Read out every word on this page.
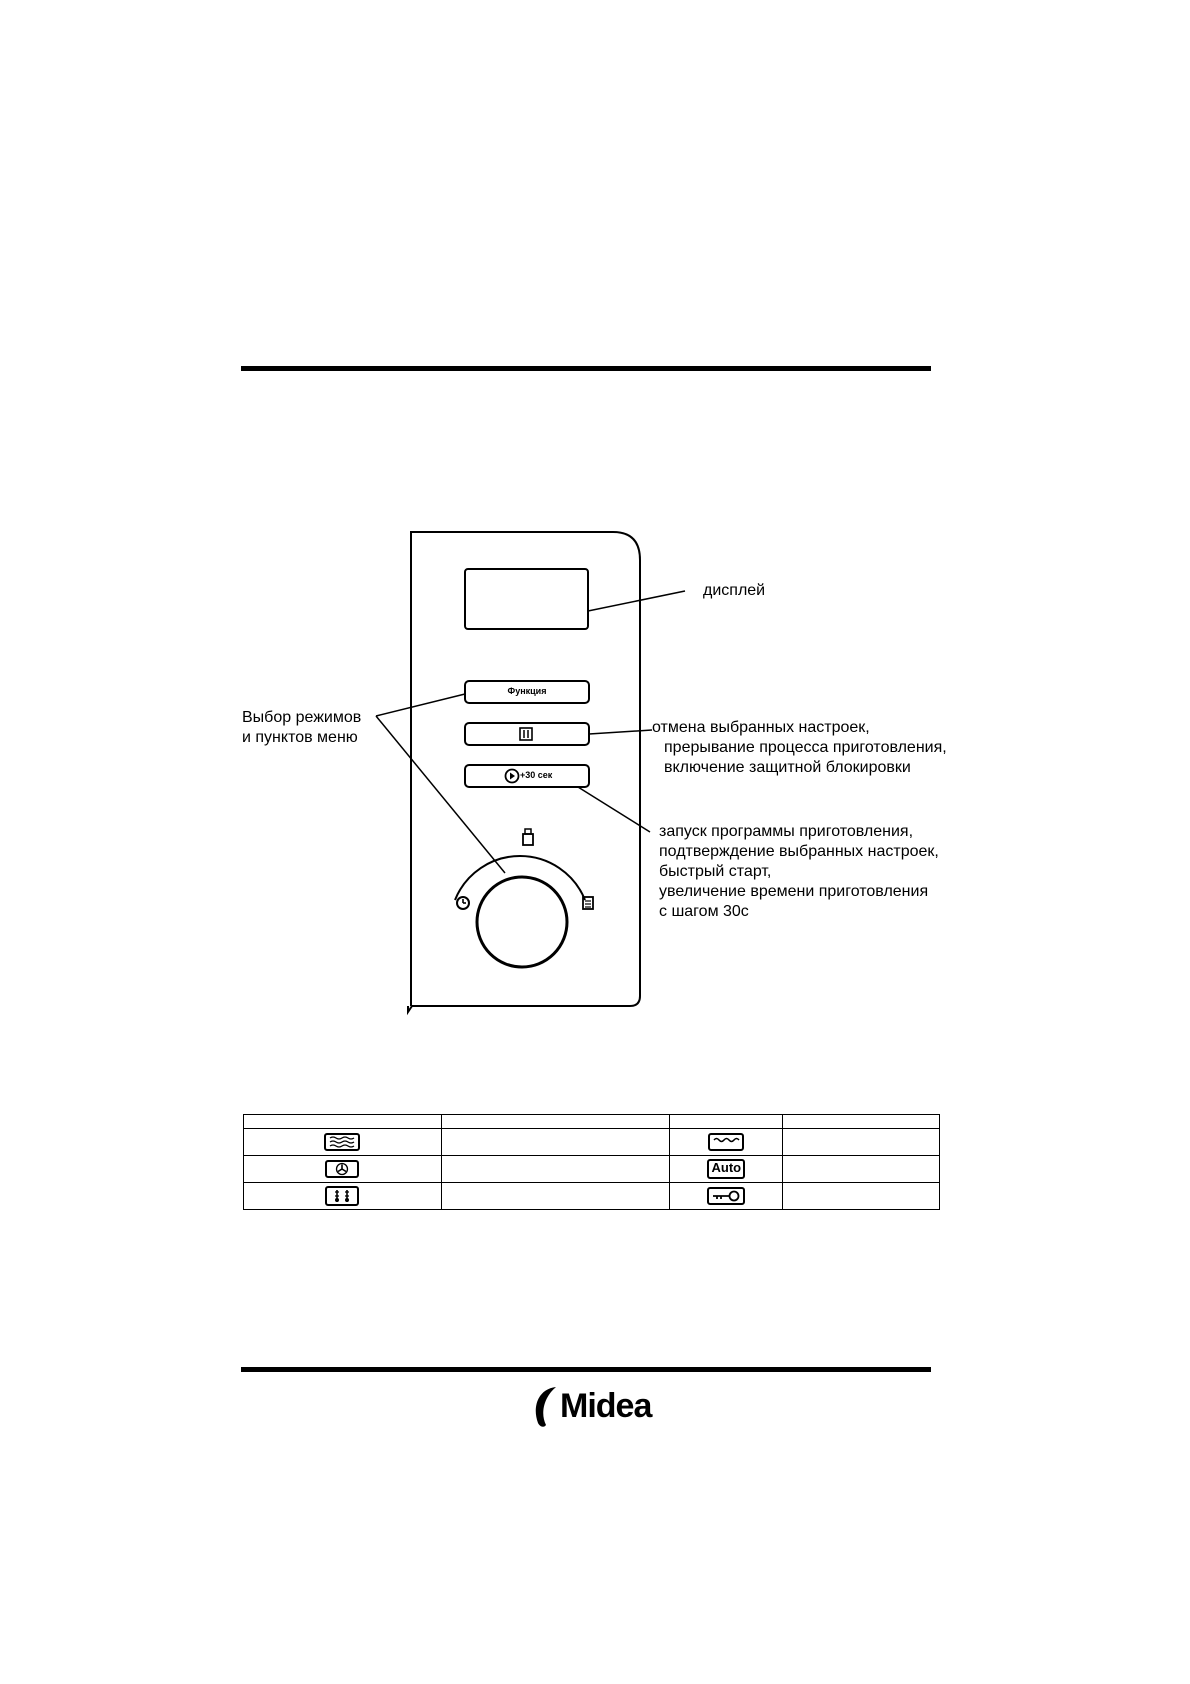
Функция
+30 сек
дисплей
Выбор режимов
и пунктов меню
отмена выбранных настроек,
прерывание процесса приготовления,
включение защитной блокировки
запуск программы приготовления,
подтверждение выбранных настроек,
быстрый старт,
увеличение времени приготовления
с шагом 30с

		Auto	

Midea
